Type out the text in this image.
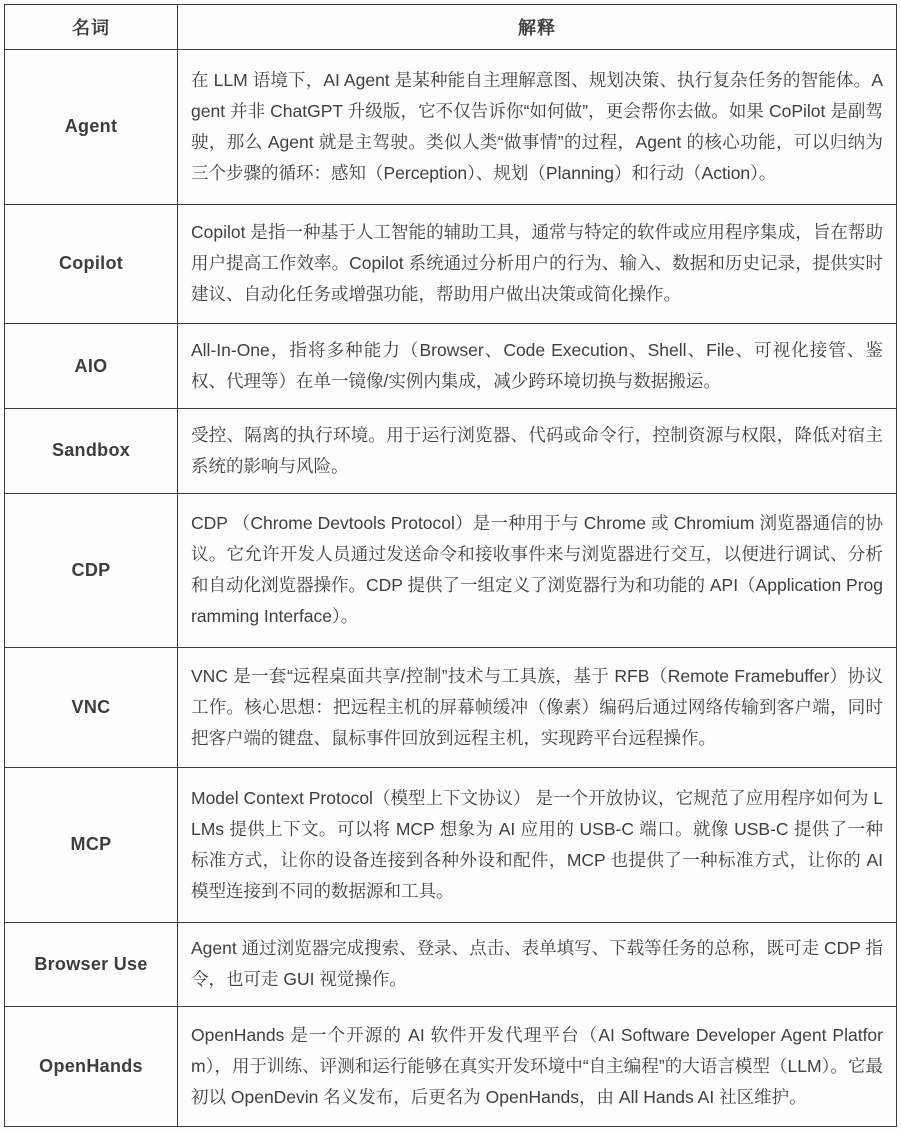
名词	解释
Agent	在 LLM 语境下，AI Agent 是某种能自主理解意图、规划决策、执行复杂任务的智能体。Agent 并非 ChatGPT 升级版，它不仅告诉你“如何做”，更会帮你去做。如果 CoPilot 是副驾驶，那么 Agent 就是主驾驶。类似人类“做事情”的过程，Agent 的核心功能，可以归纳为三个步骤的循环：感知（Perception）、规划（Planning）和行动（Action）。
Copilot	Copilot 是指一种基于人工智能的辅助工具，通常与特定的软件或应用程序集成，旨在帮助用户提高工作效率。Copilot 系统通过分析用户的行为、输入、数据和历史记录，提供实时建议、自动化任务或增强功能，帮助用户做出决策或简化操作。
AIO	All-In-One，指将多种能力（Browser、Code Execution、Shell、File、可视化接管、鉴权、代理等）在单一镜像/实例内集成，减少跨环境切换与数据搬运。
Sandbox	受控、隔离的执行环境。用于运行浏览器、代码或命令行，控制资源与权限，降低对宿主系统的影响与风险。
CDP	CDP （Chrome Devtools Protocol）是一种用于与 Chrome 或 Chromium 浏览器通信的协议。它允许开发人员通过发送命令和接收事件来与浏览器进行交互，以便进行调试、分析和自动化浏览器操作。CDP 提供了一组定义了浏览器行为和功能的 API（Application Programming Interface）。
VNC	VNC 是一套“远程桌面共享/控制”技术与工具族，基于 RFB（Remote Framebuffer）协议 工作。核心思想：把远程主机的屏幕帧缓冲（像素）编码后通过网络传输到客户端，同时把客户端的键盘、鼠标事件回放到远程主机，实现跨平台远程操作。
MCP	Model Context Protocol（模型上下文协议） 是一个开放协议，它规范了应用程序如何为 LLMs 提供上下文。可以将 MCP 想象为 AI 应用的 USB-C 端口。就像 USB-C 提供了一种标准方式，让你的设备连接到各种外设和配件，MCP 也提供了一种标准方式，让你的 AI 模型连接到不同的数据源和工具。
Browser Use	Agent 通过浏览器完成搜索、登录、点击、表单填写、下载等任务的总称，既可走 CDP 指令，也可走 GUI 视觉操作。
OpenHands	OpenHands 是一个开源的 AI 软件开发代理平台（AI Software Developer Agent Platform），用于训练、评测和运行能够在真实开发环境中“自主编程”的大语言模型（LLM）。它最初以 OpenDevin 名义发布，后更名为 OpenHands，由 All Hands AI 社区维护。
